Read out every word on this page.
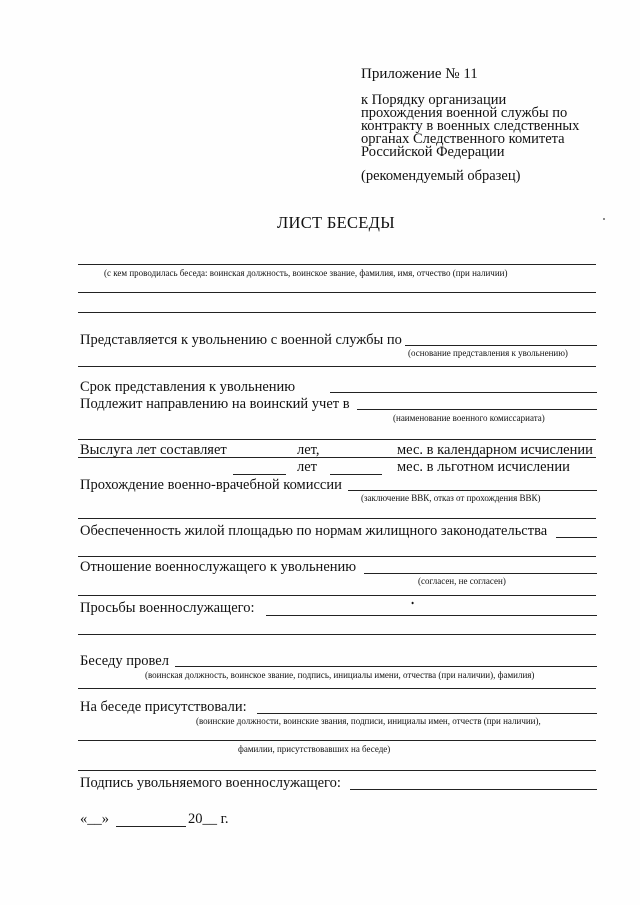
Приложение № 11
к Порядку организации
прохождения военной службы по
контракту в военных следственных
органах Следственного комитета
Российской Федерации
(рекомендуемый образец)
ЛИСТ БЕСЕДЫ
(с кем проводилась беседа: воинская должность, воинское звание, фамилия, имя, отчество (при наличии)
Представляется к увольнению с военной службы по
(основание представления к увольнению)
Срок представления к увольнению
Подлежит направлению на воинский учет в
(наименование военного комиссариата)
Выслуга лет составляет	лет,	мес. в календарном исчислении
лет	мес. в льготном исчислении
Прохождение военно-врачебной комиссии
(заключение ВВК, отказ от прохождения ВВК)
Обеспеченность жилой площадью по нормам жилищного законодательства
Отношение военнослужащего к увольнению
(согласен, не согласен)
Просьбы военнослужащего:	᛫
Беседу провел
(воинская должность, воинское звание, подпись, инициалы имени, отчества (при наличии), фамилия)
На беседе присутствовали:
(воинские должности, воинские звания, подписи, инициалы имен, отчеств (при наличии),
фамилии, присутствовавших на беседе)
Подпись увольняемого военнослужащего:
«__»	20__ г.
